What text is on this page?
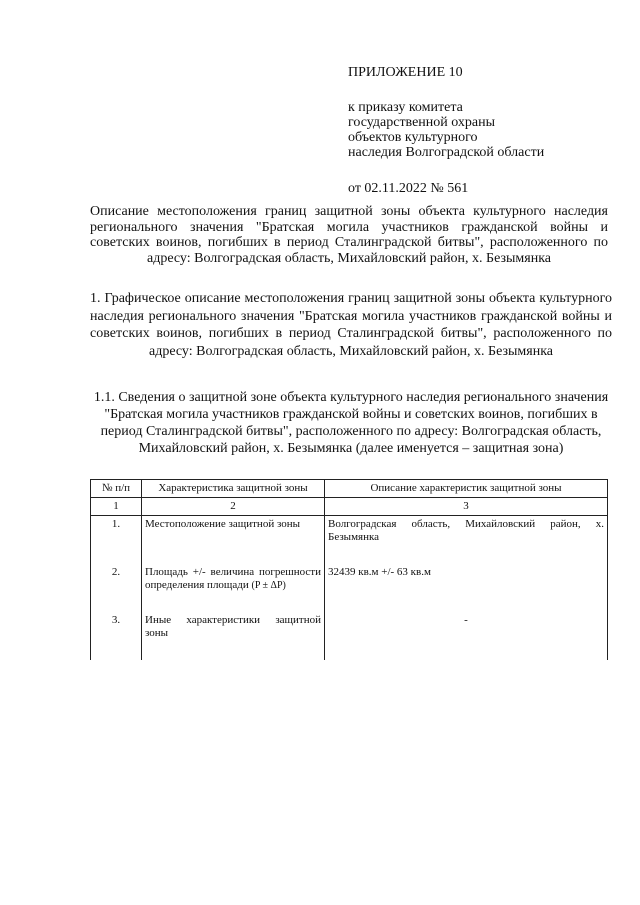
ПРИЛОЖЕНИЕ 10

к приказу комитета
государственной охраны
объектов культурного
наследия Волгоградской области

от 02.11.2022 № 561

Описание местоположения границ защитной зоны объекта культурного наследия регионального значения "Братская могила участников гражданской войны и советских воинов, погибших в период Сталинградской битвы", расположенного по адресу: Волгоградская область, Михайловский район, х. Безымянка

1. Графическое описание местоположения границ защитной зоны объекта культурного наследия регионального значения "Братская могила участников гражданской войны и советских воинов, погибших в период Сталинградской битвы", расположенного по адресу: Волгоградская область, Михайловский район, х. Безымянка

1.1. Сведения о защитной зоне объекта культурного наследия регионального значения "Братская могила участников гражданской войны и советских воинов, погибших в период Сталинградской битвы", расположенного по адресу: Волгоградская область, Михайловский район, х. Безымянка (далее именуется – защитная зона)

№ п/п	Характеристика защитной зоны	Описание характеристик защитной зоны
1	2	3
1.	Местоположение защитной зоны	Волгоградская область, Михайловский район, х. Безымянка
2.	Площадь +/- величина погрешности определения площади (P ± ΔP)	32439 кв.м +/- 63 кв.м
3.	Иные характеристики защитной зоны	-
